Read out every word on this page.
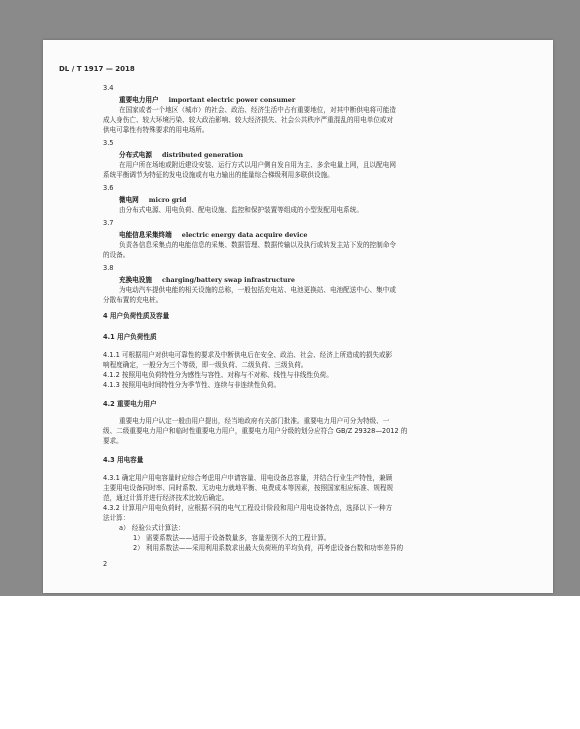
DL / T 1917 — 2018
3.4
重要电力用户 important electric power consumer
在国家或者一个地区（城市）的社会、政治、经济生活中占有重要地位，对其中断供电将可能造
成人身伤亡、较大环境污染、较大政治影响、较大经济损失、社会公共秩序严重混乱的用电单位或对
供电可靠性有特殊要求的用电场所。
3.5
分布式电源 distributed generation
在用户所在场地或附近建设安装、运行方式以用户侧自发自用为主、多余电量上网，且以配电网
系统平衡调节为特征的发电设施或有电力输出的能量综合梯级利用多联供设施。
3.6
微电网 micro grid
由分布式电源、用电负荷、配电设施、监控和保护装置等组成的小型发配用电系统。
3.7
电能信息采集终端 electric energy data acquire device
负责各信息采集点的电能信息的采集、数据管理、数据传输以及执行或转发主站下发的控制命令
的设备。
3.8
充换电设施 charging/battery swap infrastructure
为电动汽车提供电能的相关设施的总称，一般包括充电站、电池更换站、电池配送中心、集中或
分散布置的充电桩。
4 用户负荷性质及容量
4.1 用户负荷性质
4.1.1 可根据用户对供电可靠性的要求及中断供电后在安全、政治、社会、经济上所造成的损失或影
响程度确定，一般分为三个等级，即一级负荷、二级负荷、三级负荷。
4.1.2 按照用电负荷特性分为感性与容性、对称与不对称、线性与非线性负荷。
4.1.3 按照用电时间特性分为季节性、连续与非连续性负荷。
4.2 重要电力用户
重要电力用户认定一般由用户提出，经当地政府有关部门批准。重要电力用户可分为特级、一
级、二级重要电力用户和临时性重要电力用户，重要电力用户分级的划分应符合 GB/Z 29328—2012 的
要求。
4.3 用电容量
4.3.1 确定用户用电容量时应综合考虑用户申请容量、用电设备总容量，并结合行业生产特性，兼顾
主要用电设备同时率、同时系数、无功电力就地平衡、电费成本等因素，按照国家相应标准、规程规
范，通过计算并进行经济技术比较后确定。
4.3.2 计算用户用电负荷时，应根据不同的电气工程设计阶段和用户用电设备特点，选择以下一种方
法计算：
a） 经验公式计算法：
1） 需要系数法——适用于设备数量多，容量差别不大的工程计算。
2） 利用系数法——采用利用系数求出最大负荷班的平均负荷，再考虑设备台数和功率差异的
2
